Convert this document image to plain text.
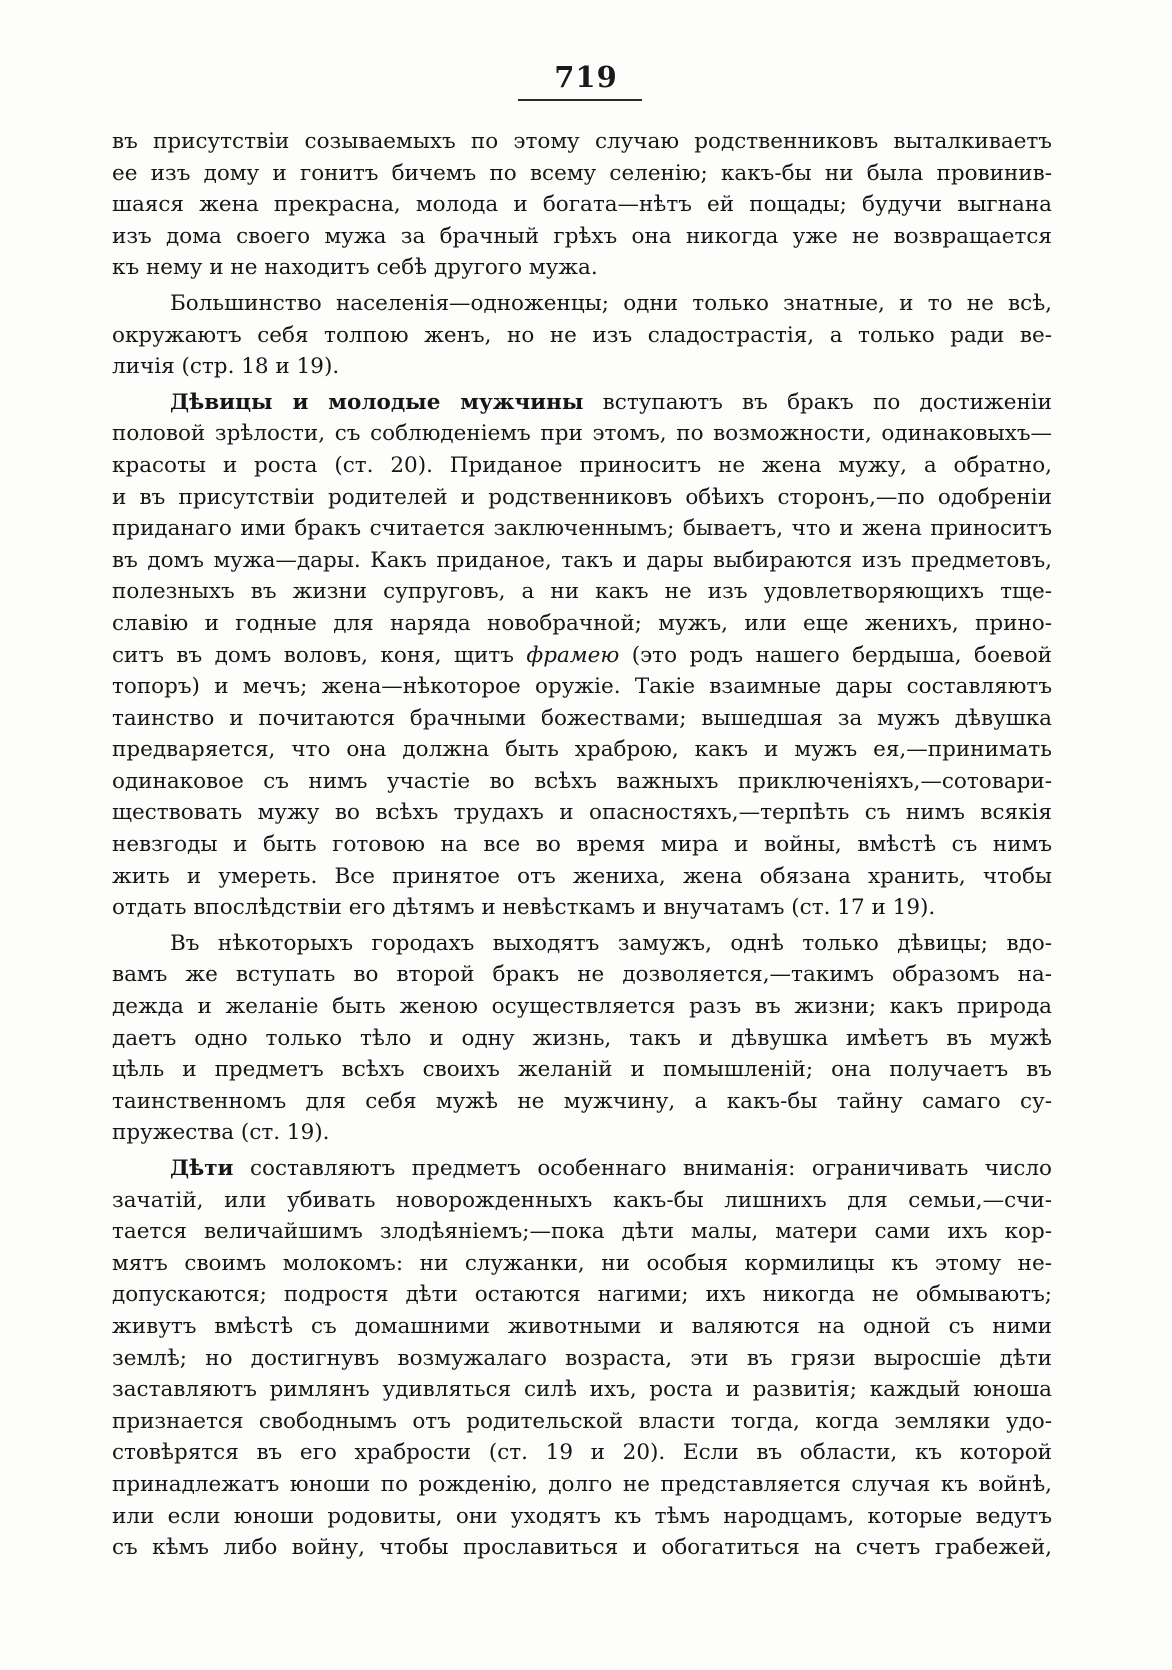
719
въ присутствіи созываемыхъ по этому случаю родственниковъ выталкиваетъ
ее изъ дому и гонитъ бичемъ по всему селенію; какъ-бы ни была провинив-
шаяся жена прекрасна, молода и богата—нѣтъ ей пощады; будучи выгнана
изъ дома своего мужа за брачный грѣхъ она никогда уже не возвращается
къ нему и не находитъ себѣ другого мужа.
Большинство населенія—одноженцы; одни только знатные, и то не всѣ,
окружаютъ себя толпою женъ, но не изъ сладострастія, а только ради ве-
личія (стр. 18 и 19).
Дѣвицы и молодые мужчины вступаютъ въ бракъ по достиженіи
половой зрѣлости, съ соблюденіемъ при этомъ, по возможности, одинаковыхъ—
красоты и роста (ст. 20). Приданое приноситъ не жена мужу, а обратно,
и въ присутствіи родителей и родственниковъ обѣихъ сторонъ,—по одобреніи
приданаго ими бракъ считается заключеннымъ; бываетъ, что и жена приноситъ
въ домъ мужа—дары. Какъ приданое, такъ и дары выбираются изъ предметовъ,
полезныхъ въ жизни супруговъ, а ни какъ не изъ удовлетворяющихъ тщe-
славію и годные для наряда новобрачной; мужъ, или еще женихъ, прино-
ситъ въ домъ воловъ, коня, щитъ фрамею (это родъ нашего бердыша, боевой
топоръ) и мечъ; жена—нѣкоторое оружіе. Такіе взаимные дары составляютъ
таинство и почитаются брачными божествами; вышедшая за мужъ дѣвушка
предваряется, что она должна быть храброю, какъ и мужъ ея,—принимать
одинаковое съ нимъ участіе во всѣхъ важныхъ приключеніяхъ,—сотовари-
ществовать мужу во всѣхъ трудахъ и опасностяхъ,—терпѣть съ нимъ всякія
невзгоды и быть готовою на все во время мира и войны, вмѣстѣ съ нимъ
жить и умереть. Все принятое отъ жениха, жена обязана хранить, чтобы
отдать впослѣдствіи его дѣтямъ и невѣсткамъ и внучатамъ (ст. 17 и 19).
Въ нѣкоторыхъ городахъ выходятъ замужъ, однѣ только дѣвицы; вдо-
вамъ же вступать во второй бракъ не дозволяется,—такимъ образомъ на-
дежда и желаніе быть женою осуществляется разъ въ жизни; какъ природа
даетъ одно только тѣло и одну жизнь, такъ и дѣвушка имѣетъ въ мужѣ
цѣль и предметъ всѣхъ своихъ желаній и помышленій; она получаетъ въ
таинственномъ для себя мужѣ не мужчину, а какъ-бы тайну самаго су-
пружества (ст. 19).
Дѣти составляютъ предметъ особеннаго вниманія: ограничивать число
зачатій, или убивать новорожденныхъ какъ-бы лишнихъ для семьи,—счи-
тается величайшимъ злодѣяніемъ;—пока дѣти малы, матери сами ихъ кор-
мятъ своимъ молокомъ: ни служанки, ни особыя кормилицы къ этому не-
допускаются; подростя дѣти остаются нагими; ихъ никогда не обмываютъ;
живутъ вмѣстѣ съ домашними животными и валяются на одной съ ними
землѣ; но достигнувъ возмужалаго возраста, эти въ грязи выросшіе дѣти
заставляютъ римлянъ удивляться силѣ ихъ, роста и развитія; каждый юноша
признается свободнымъ отъ родительской власти тогда, когда земляки удо-
стовѣрятся въ его храбрости (ст. 19 и 20). Если въ области, къ которой
принадлежатъ юноши по рожденію, долго не представляется случая къ войнѣ,
или если юноши родовиты, они уходятъ къ тѣмъ народцамъ, которые ведутъ
съ кѣмъ либо войну, чтобы прославиться и обогатиться на счетъ грабежей,
